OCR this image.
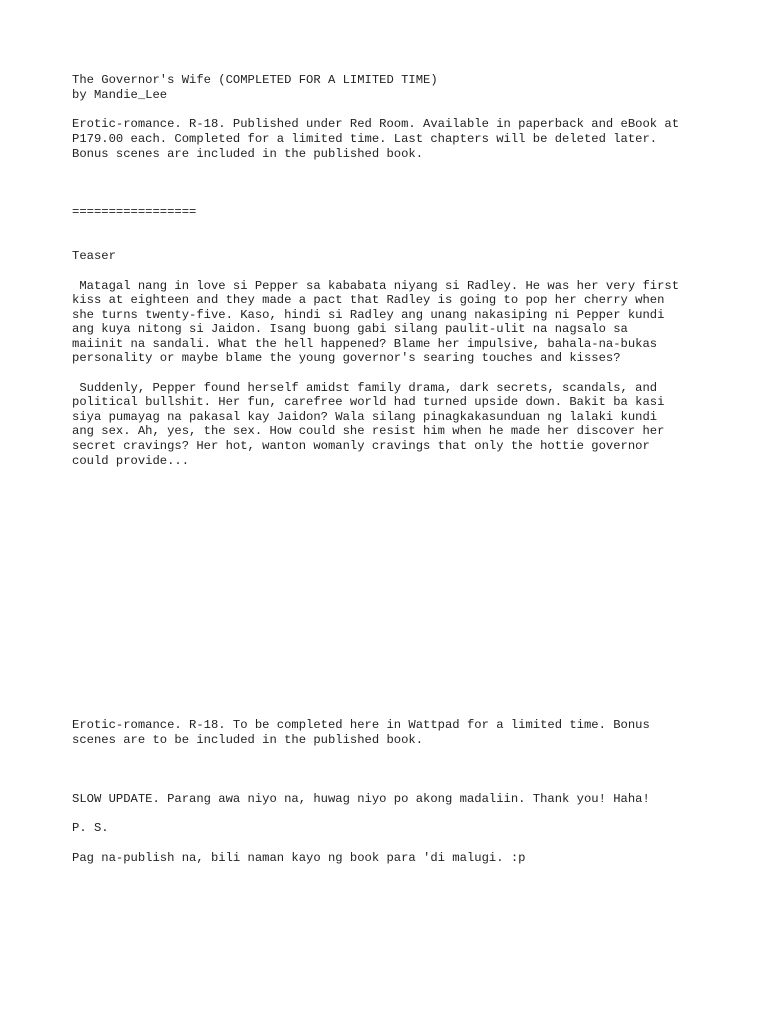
The Governor's Wife (COMPLETED FOR A LIMITED TIME)

by Mandie_Lee

Erotic-romance. R-18. Published under Red Room. Available in paperback and eBook at

P179.00 each. Completed for a limited time. Last chapters will be deleted later.

Bonus scenes are included in the published book.

=================

Teaser

Matagal nang in love si Pepper sa kababata niyang si Radley. He was her very first

kiss at eighteen and they made a pact that Radley is going to pop her cherry when

she turns twenty-five. Kaso, hindi si Radley ang unang nakasiping ni Pepper kundi

ang kuya nitong si Jaidon. Isang buong gabi silang paulit-ulit na nagsalo sa

maiinit na sandali. What the hell happened? Blame her impulsive, bahala-na-bukas

personality or maybe blame the young governor's searing touches and kisses?

Suddenly, Pepper found herself amidst family drama, dark secrets, scandals, and

political bullshit. Her fun, carefree world had turned upside down. Bakit ba kasi

siya pumayag na pakasal kay Jaidon? Wala silang pinagkakasunduan ng lalaki kundi

ang sex. Ah, yes, the sex. How could she resist him when he made her discover her

secret cravings? Her hot, wanton womanly cravings that only the hottie governor

could provide...

Erotic-romance. R-18. To be completed here in Wattpad for a limited time. Bonus

scenes are to be included in the published book.

SLOW UPDATE. Parang awa niyo na, huwag niyo po akong madaliin. Thank you! Haha!

P. S.

Pag na-publish na, bili naman kayo ng book para 'di malugi. :p
